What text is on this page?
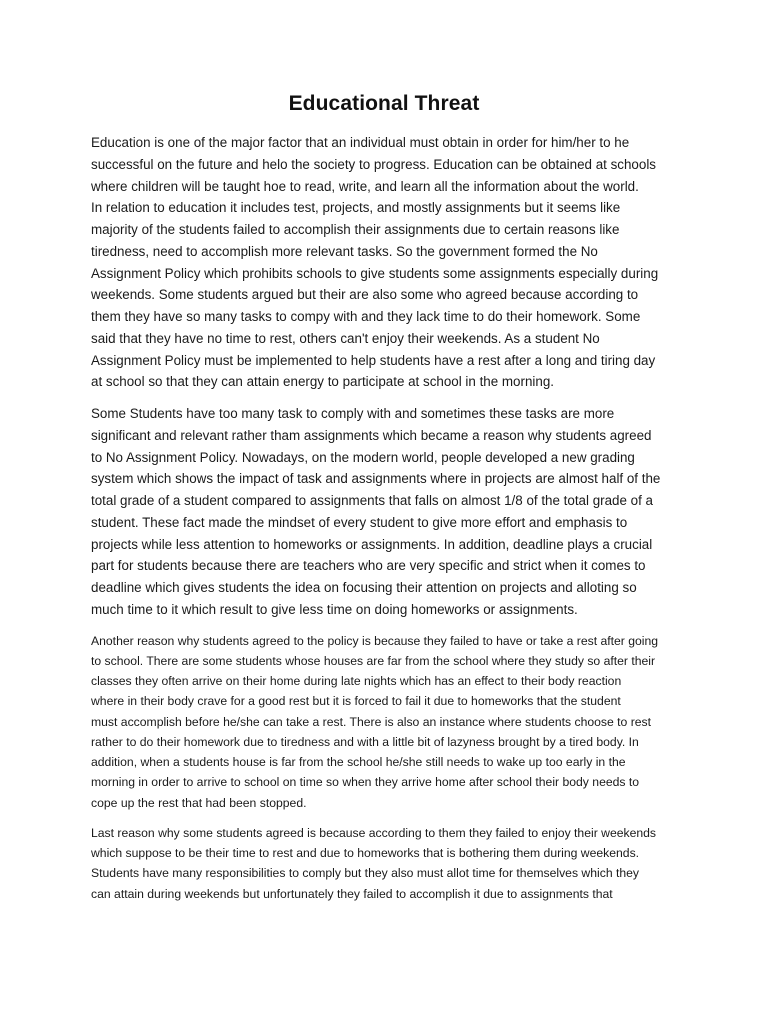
Educational Threat

Education is one of the major factor that an individual must obtain in order for him/her to he
successful on the future and helo the society to progress. Education can be obtained at schools
where children will be taught hoe to read, write, and learn all the information about the world.
In relation to education it includes test, projects, and mostly assignments but it seems like
majority of the students failed to accomplish their assignments due to certain reasons like
tiredness, need to accomplish more relevant tasks. So the government formed the No
Assignment Policy which prohibits schools to give students some assignments especially during
weekends. Some students argued but their are also some who agreed because according to
them they have so many tasks to compy with and they lack time to do their homework. Some
said that they have no time to rest, others can't enjoy their weekends. As a student No
Assignment Policy must be implemented to help students have a rest after a long and tiring day
at school so that they can attain energy to participate at school in the morning.

Some Students have too many task to comply with and sometimes these tasks are more
significant and relevant rather tham assignments which became a reason why students agreed
to No Assignment Policy. Nowadays, on the modern world, people developed a new grading
system which shows the impact of task and assignments where in projects are almost half of the
total grade of a student compared to assignments that falls on almost 1/8 of the total grade of a
student. These fact made the mindset of every student to give more effort and emphasis to
projects while less attention to homeworks or assignments. In addition, deadline plays a crucial
part for students because there are teachers who are very specific and strict when it comes to
deadline which gives students the idea on focusing their attention on projects and alloting so
much time to it which result to give less time on doing homeworks or assignments.

Another reason why students agreed to the policy is because they failed to have or take a rest after going
to school. There are some students whose houses are far from the school where they study so after their
classes they often arrive on their home during late nights which has an effect to their body reaction
where in their body crave for a good rest but it is forced to fail it due to homeworks that the student
must accomplish before he/she can take a rest. There is also an instance where students choose to rest
rather to do their homework due to tiredness and with a little bit of lazyness brought by a tired body. In
addition, when a students house is far from the school he/she still needs to wake up too early in the
morning in order to arrive to school on time so when they arrive home after school their body needs to
cope up the rest that had been stopped.

Last reason why some students agreed is because according to them they failed to enjoy their weekends
which suppose to be their time to rest and due to homeworks that is bothering them during weekends.
Students have many responsibilities to comply but they also must allot time for themselves which they
can attain during weekends but unfortunately they failed to accomplish it due to assignments that
